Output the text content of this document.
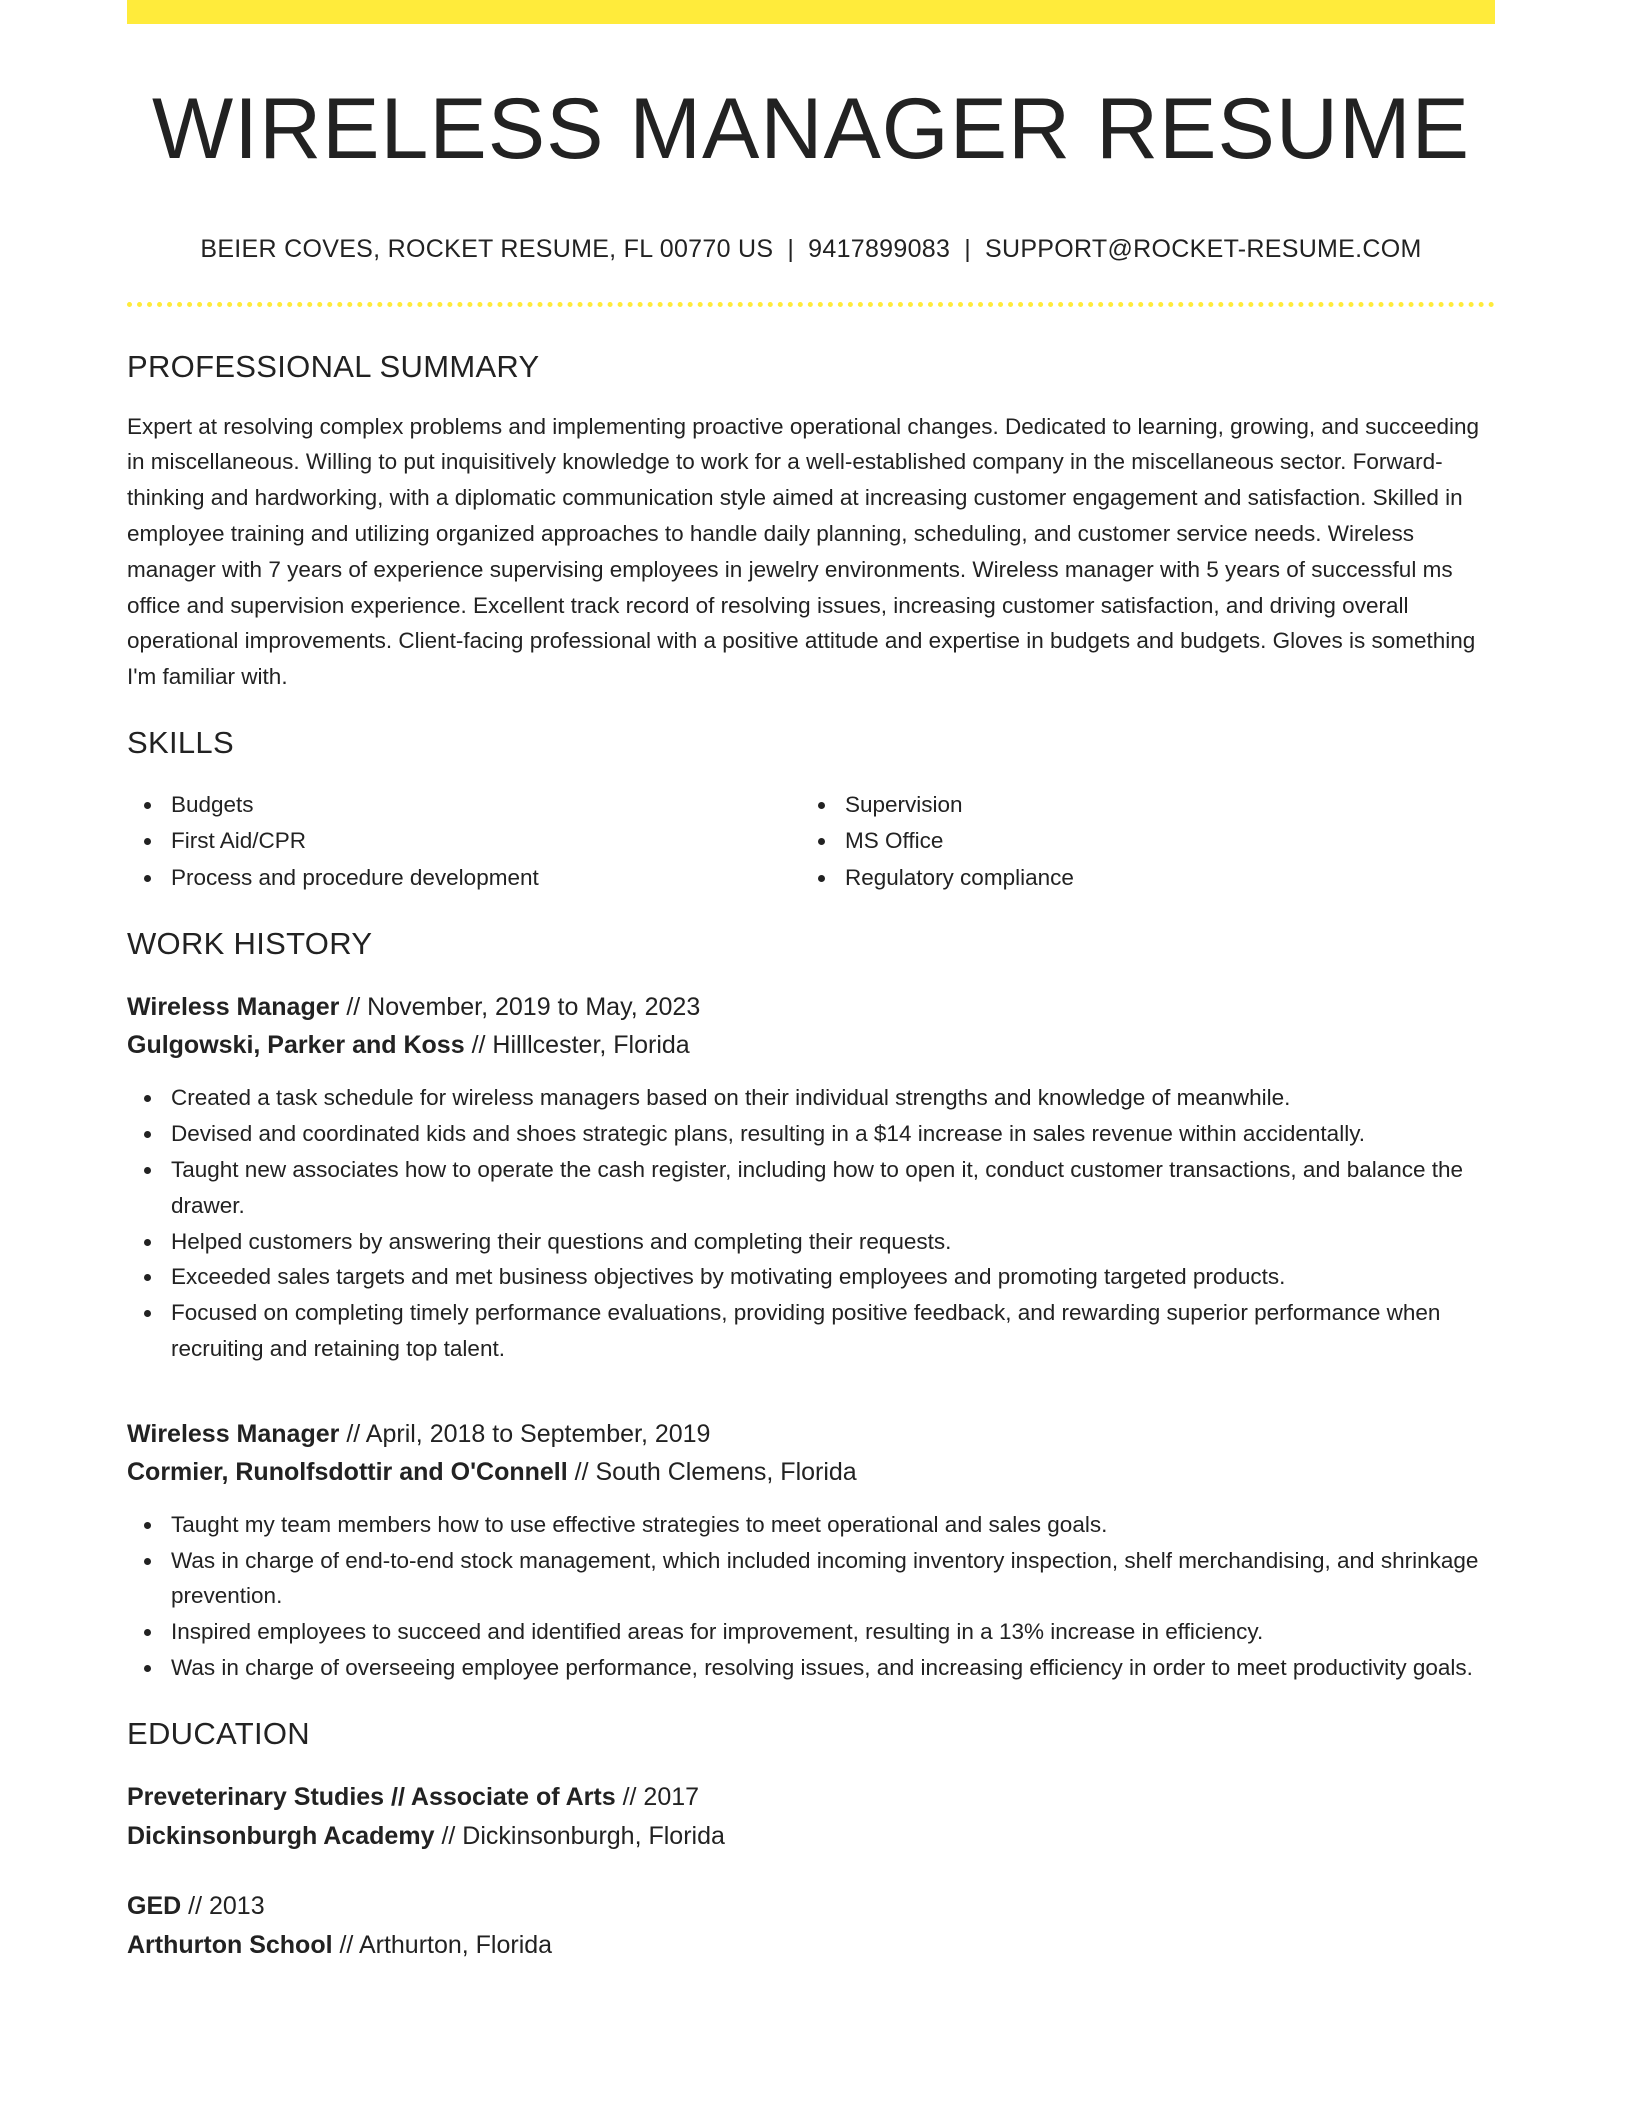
WIRELESS MANAGER RESUME
BEIER COVES, ROCKET RESUME, FL 00770 US | 9417899083 | SUPPORT@ROCKET-RESUME.COM
PROFESSIONAL SUMMARY
Expert at resolving complex problems and implementing proactive operational changes. Dedicated to learning, growing, and succeeding in miscellaneous. Willing to put inquisitively knowledge to work for a well-established company in the miscellaneous sector. Forward-thinking and hardworking, with a diplomatic communication style aimed at increasing customer engagement and satisfaction. Skilled in employee training and utilizing organized approaches to handle daily planning, scheduling, and customer service needs. Wireless manager with 7 years of experience supervising employees in jewelry environments. Wireless manager with 5 years of successful ms office and supervision experience. Excellent track record of resolving issues, increasing customer satisfaction, and driving overall operational improvements. Client-facing professional with a positive attitude and expertise in budgets and budgets. Gloves is something I'm familiar with.
SKILLS
Budgets
First Aid/CPR
Process and procedure development
Supervision
MS Office
Regulatory compliance
WORK HISTORY
Wireless Manager // November, 2019 to May, 2023
Gulgowski, Parker and Koss // Hilllcester, Florida
Created a task schedule for wireless managers based on their individual strengths and knowledge of meanwhile.
Devised and coordinated kids and shoes strategic plans, resulting in a $14 increase in sales revenue within accidentally.
Taught new associates how to operate the cash register, including how to open it, conduct customer transactions, and balance the drawer.
Helped customers by answering their questions and completing their requests.
Exceeded sales targets and met business objectives by motivating employees and promoting targeted products.
Focused on completing timely performance evaluations, providing positive feedback, and rewarding superior performance when recruiting and retaining top talent.
Wireless Manager // April, 2018 to September, 2019
Cormier, Runolfsdottir and O'Connell // South Clemens, Florida
Taught my team members how to use effective strategies to meet operational and sales goals.
Was in charge of end-to-end stock management, which included incoming inventory inspection, shelf merchandising, and shrinkage prevention.
Inspired employees to succeed and identified areas for improvement, resulting in a 13% increase in efficiency.
Was in charge of overseeing employee performance, resolving issues, and increasing efficiency in order to meet productivity goals.
EDUCATION
Preveterinary Studies // Associate of Arts // 2017
Dickinsonburgh Academy // Dickinsonburgh, Florida
GED // 2013
Arthurton School // Arthurton, Florida
